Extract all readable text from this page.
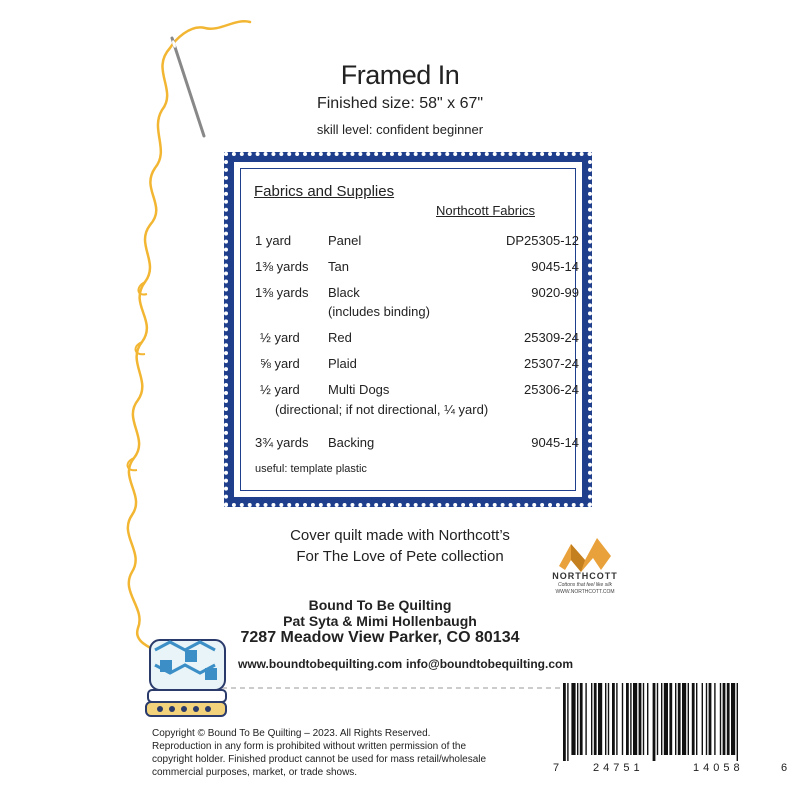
Framed In
Finished size: 58" x 67"
skill level: confident beginner
Fabrics and Supplies
Northcott Fabrics
1 yard	Panel	DP25305-12
1⅜ yards Tan	9045-14
1⅜ yards Black	9020-99
(includes binding)
½ yard Red	25309-24
⅝ yard Plaid	25307-24
½ yard Multi Dogs	25306-24
(directional; if not directional, ¼ yard)
3¾ yards Backing	9045-14
useful: template plastic
Cover quilt made with Northcott’s
For The Love of Pete collection
NORTHCOTT
Cottons that feel like silk
WWW.NORTHCOTT.COM
Bound To Be Quilting
Pat Syta & Mimi Hollenbaugh
7287 Meadow View Parker, CO 80134
www.boundtobequilting.com info@boundtobequilting.com
Copyright © Bound To Be Quilting – 2023. All Rights Reserved.
Reproduction in any form is prohibited without written permission of the
copyright holder. Finished product cannot be used for mass retail/wholesale
commercial purposes, market, or trade shows.	7	24751	14058	6
